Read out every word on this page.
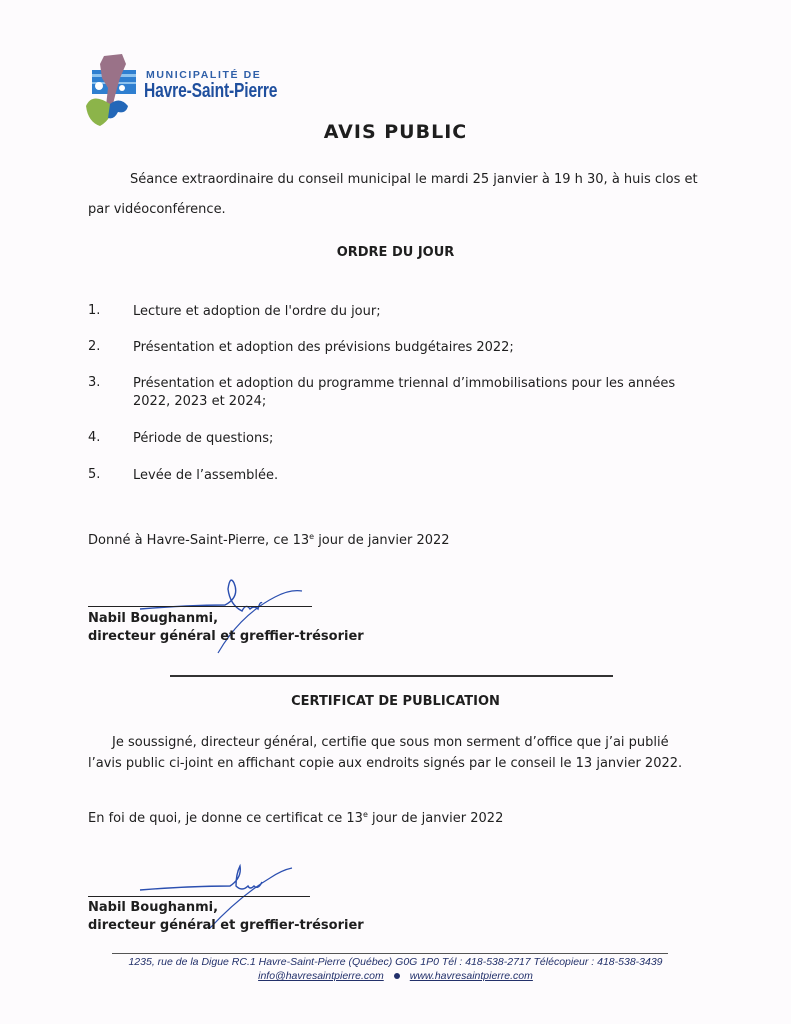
MUNICIPALITÉ DE
Havre-Saint-Pierre
AVIS PUBLIC
Séance extraordinaire du conseil municipal le mardi 25 janvier à 19 h 30, à huis clos et
par vidéoconférence.
ORDRE DU JOUR
1.	Lecture et adoption de l'ordre du jour;
2.	Présentation et adoption des prévisions budgétaires 2022;
3.	Présentation et adoption du programme triennal d’immobilisations pour les années
2022, 2023 et 2024;
4.	Période de questions;
5.	Levée de l’assemblée.
Donné à Havre-Saint-Pierre, ce 13e jour de janvier 2022
Nabil Boughanmi,
directeur général et greffier-trésorier
CERTIFICAT DE PUBLICATION
Je soussigné, directeur général, certifie que sous mon serment d’office que j’ai publié
l’avis public ci-joint en affichant copie aux endroits signés par le conseil le 13 janvier 2022.
En foi de quoi, je donne ce certificat ce 13e jour de janvier 2022
Nabil Boughanmi,
directeur général et greffier-trésorier
1235, rue de la Digue RC.1 Havre-Saint-Pierre (Québec) G0G 1P0 Tél : 418-538-2717 Télécopieur : 418-538-3439
info@havresaintpierre.com www.havresaintpierre.com
